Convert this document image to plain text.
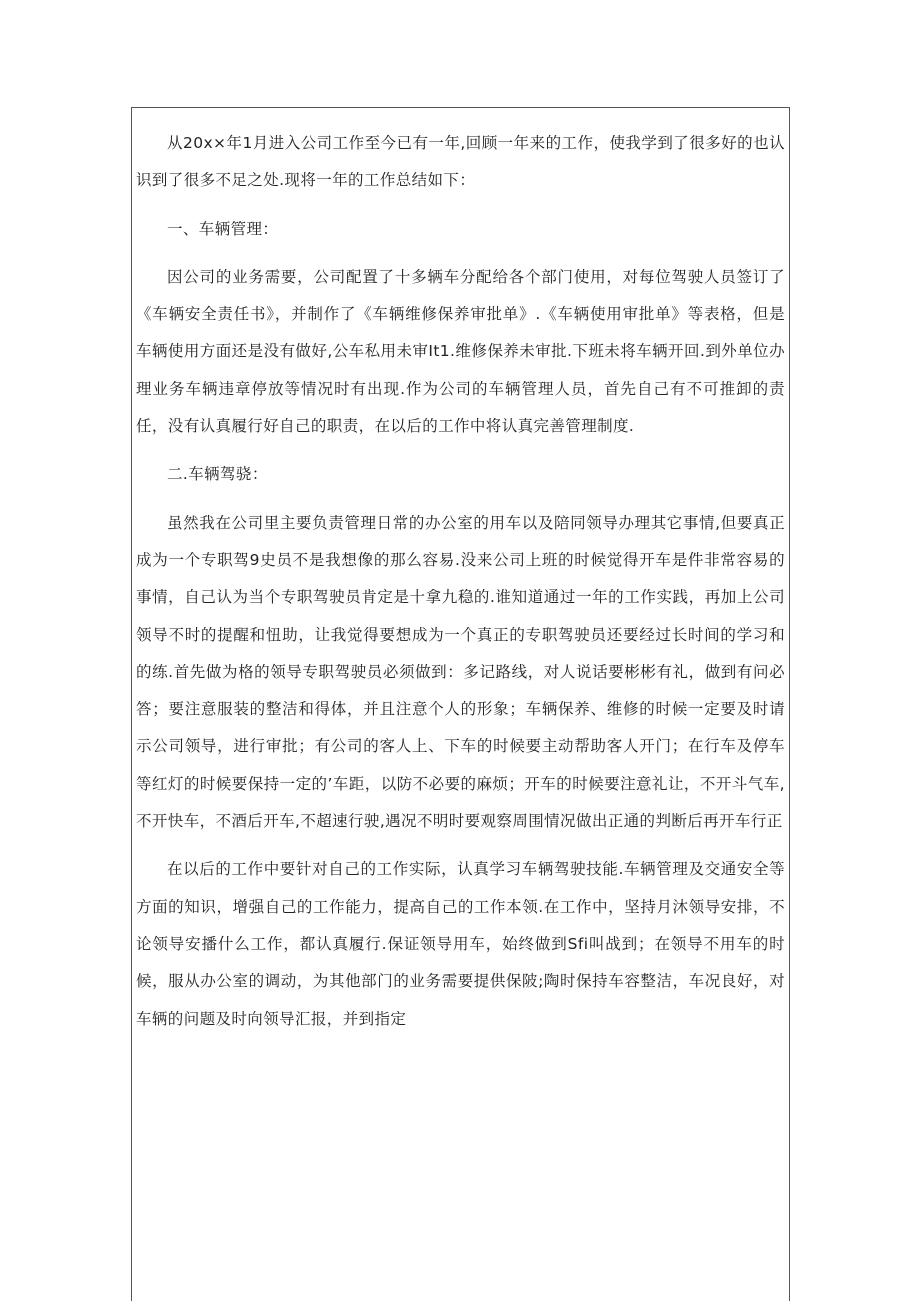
从20x×年1月进入公司工作至今已有一年,回顾一年来的工作，使我学到了很多好的也认识到了很多不足之处.现将一年的工作总结如下：

一、车辆管理：

因公司的业务需要，公司配置了十多辆车分配给各个部门使用，对每位驾驶人员签订了《车辆安全责任书》，并制作了《车辆维修保养审批单》.《车辆使用审批单》等表格，但是车辆使用方面还是没有做好,公车私用未审It1.维修保养未审批.下班未将车辆开回.到外单位办理业务车辆违章停放等情况时有出现.作为公司的车辆管理人员，首先自己有不可推卸的责任，没有认真履行好自己的职责，在以后的工作中将认真完善管理制度.

二.车辆驾骁：

虽然我在公司里主要负责管理日常的办公室的用车以及陪同领导办理其它事情,但要真正成为一个专职驾9史员不是我想像的那么容易.没来公司上班的时候觉得开车是件非常容易的事情，自己认为当个专职驾驶员肯定是十拿九稳的.谁知道通过一年的工作实践，再加上公司领导不时的提醒和忸助，让我觉得要想成为一个真正的专职驾驶员还要经过长时间的学习和的练.首先做为格的领导专职驾驶员必须做到：多记路线，对人说话要彬彬有礼，做到有问必答；要注意服装的整洁和得体，并且注意个人的形象；车辆保养、维修的时候一定要及时请示公司领导，进行审批；有公司的客人上、下车的时候要主动帮助客人开门；在行车及停车等红灯的时候要保持一定的’车距，以防不必要的麻烦；开车的时候要注意礼让，不开斗气车,不开快车，不酒后开车,不超速行驶,遇况不明时要观察周围情况做出正通的判断后再开车行正

在以后的工作中要针对自己的工作实际，认真学习车辆驾驶技能.车辆管理及交通安全等方面的知识，增强自己的工作能力，提高自己的工作本领.在工作中，坚持月沐领导安排，不论领导安播什么工作，都认真履行.保证领导用车，始终做到Sfi叫战到；在领导不用车的时候，服从办公室的调动，为其他部门的业务需要提供保陂;陶时保持车容整洁，车况良好，对车辆的问题及时向领导汇报，并到指定
